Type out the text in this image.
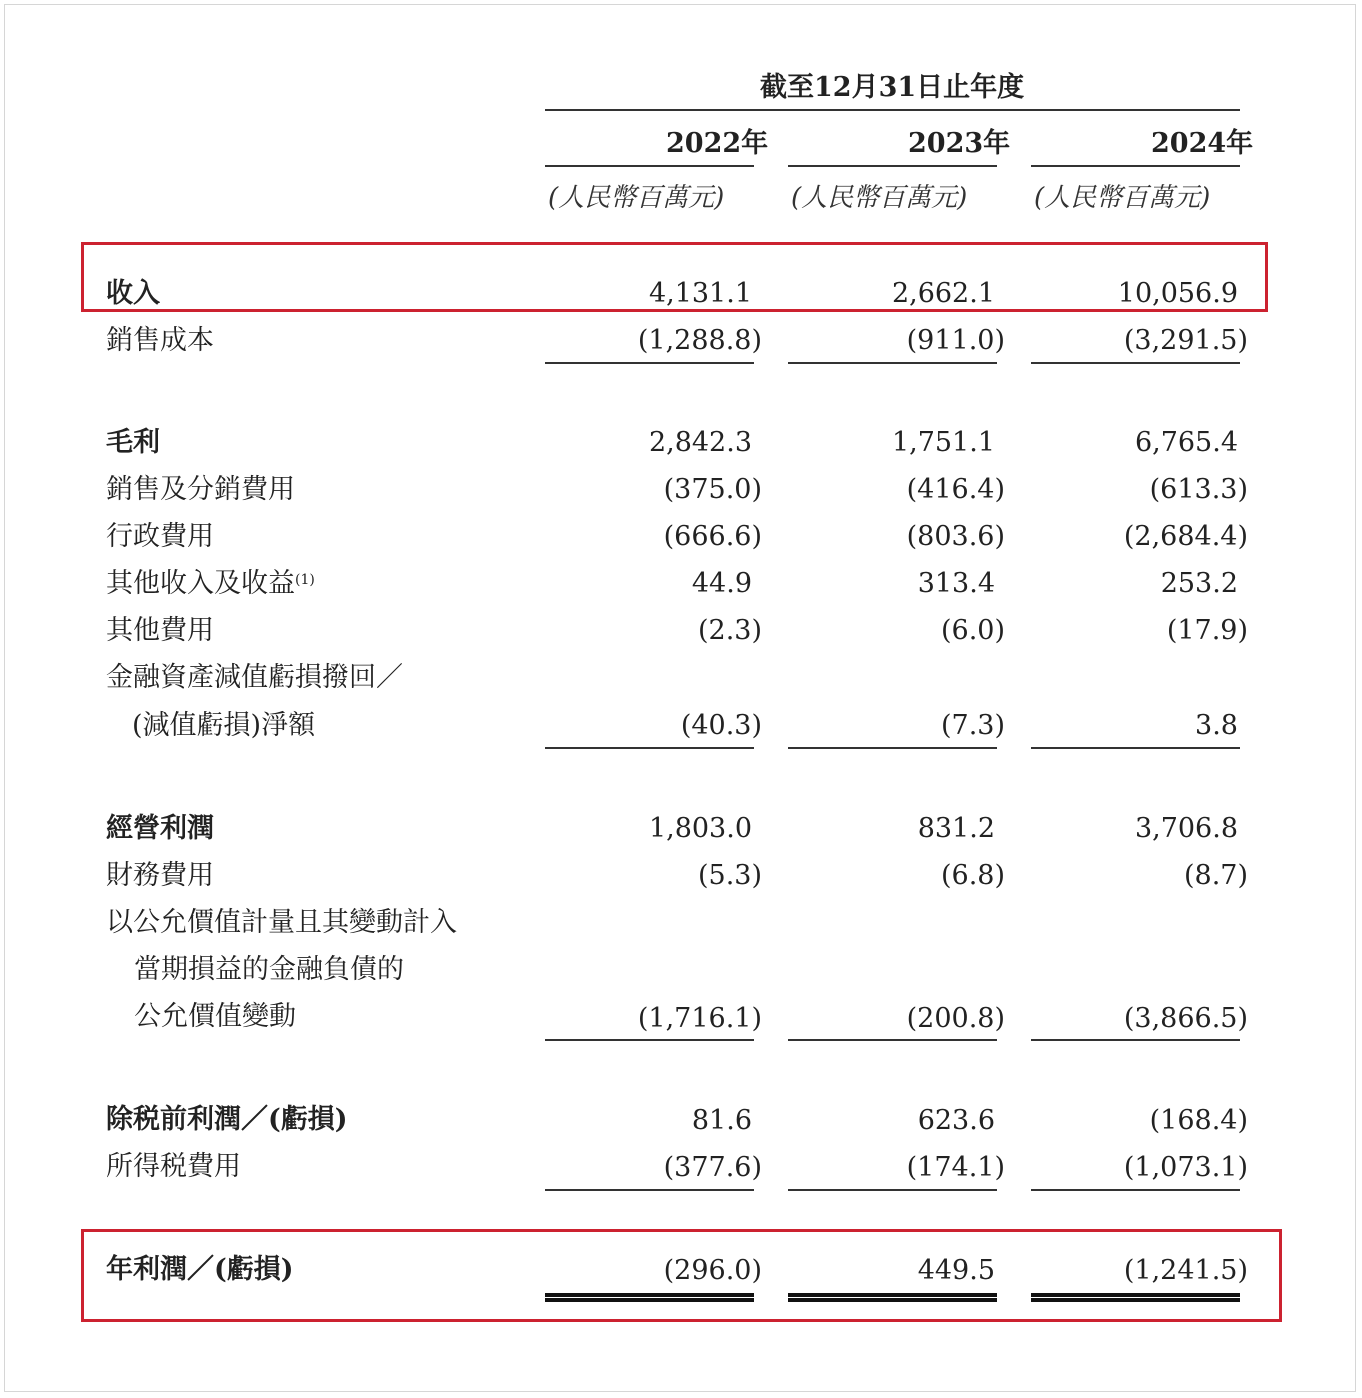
截至12月31日止年度
2022年	2023年	2024年
(人民幣百萬元)	(人民幣百萬元)	(人民幣百萬元)
收入	4,131.1	2,662.1	10,056.9
銷售成本	(1,288.8)	(911.0)	(3,291.5)
毛利	2,842.3	1,751.1	6,765.4
銷售及分銷費用	(375.0)	(416.4)	(613.3)
行政費用	(666.6)	(803.6)	(2,684.4)
其他收入及收益$^{(1)}$	44.9	313.4	253.2
其他費用	(2.3)	(6.0)	(17.9)
金融資產減值虧損撥回／
(減值虧損)淨額	(40.3)	(7.3)	3.8
經營利潤	1,803.0	831.2	3,706.8
財務費用	(5.3)	(6.8)	(8.7)
以公允價值計量且其變動計入
當期損益的金融負債的
公允價值變動	(1,716.1)	(200.8)	(3,866.5)
除税前利潤／(虧損)	81.6	623.6	(168.4)
所得税費用	(377.6)	(174.1)	(1,073.1)
年利潤／(虧損)	(296.0)	449.5	(1,241.5)
